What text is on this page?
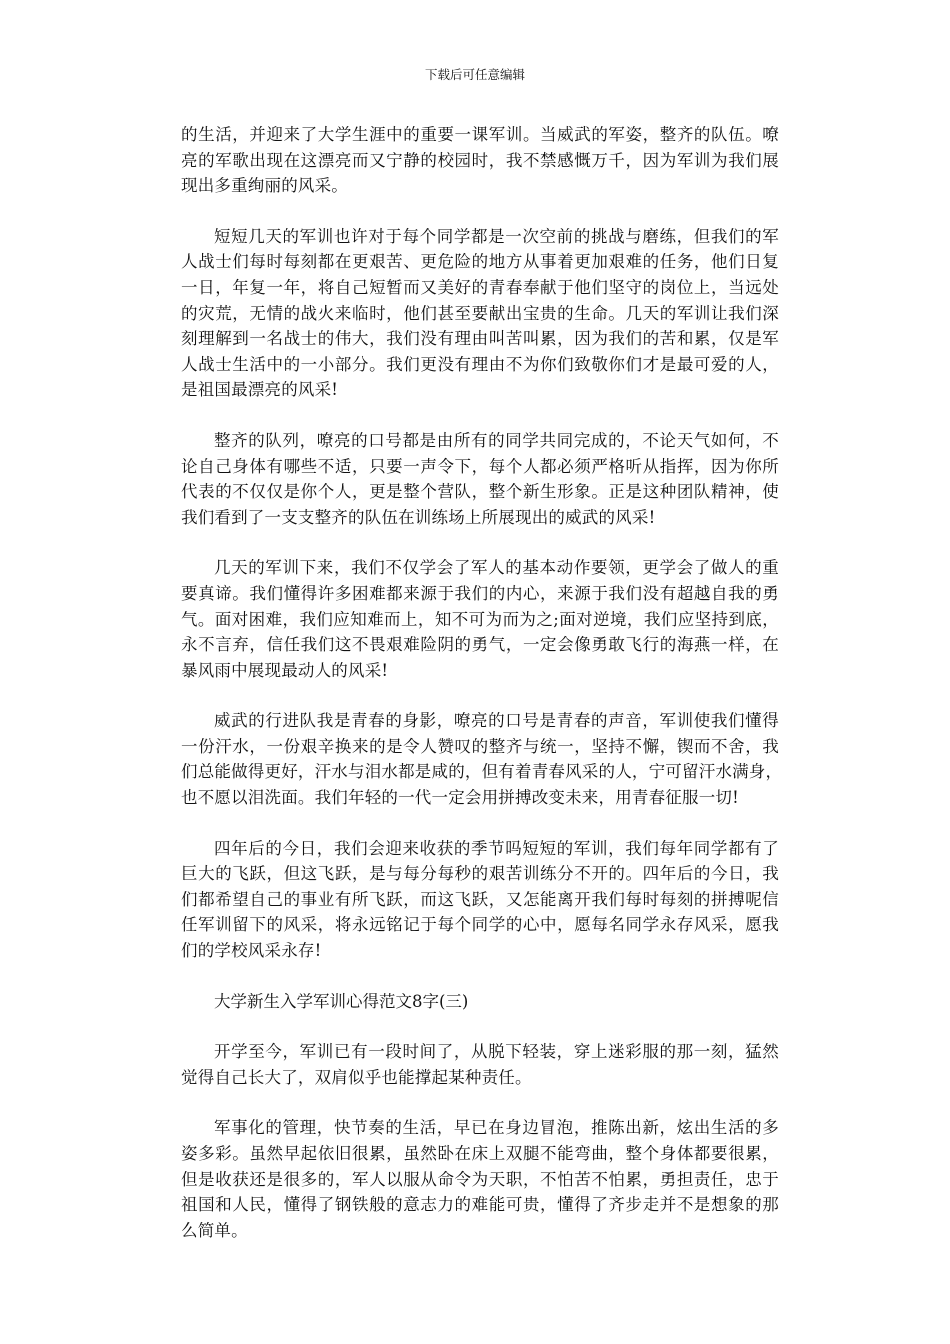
下载后可任意编辑
的生活，并迎来了大学生涯中的重要一课军训。当威武的军姿，整齐的队伍。嘹
亮的军歌出现在这漂亮而又宁静的校园时，我不禁感慨万千，因为军训为我们展
现出多重绚丽的风采。
短短几天的军训也许对于每个同学都是一次空前的挑战与磨练，但我们的军
人战士们每时每刻都在更艰苦、更危险的地方从事着更加艰难的任务，他们日复
一日，年复一年，将自己短暂而又美好的青春奉献于他们坚守的岗位上，当远处
的灾荒，无情的战火来临时，他们甚至要献出宝贵的生命。几天的军训让我们深
刻理解到一名战士的伟大，我们没有理由叫苦叫累，因为我们的苦和累，仅是军
人战士生活中的一小部分。我们更没有理由不为你们致敬你们才是最可爱的人，
是祖国最漂亮的风采!
整齐的队列，嘹亮的口号都是由所有的同学共同完成的，不论天气如何，不
论自己身体有哪些不适，只要一声令下，每个人都必须严格听从指挥，因为你所
代表的不仅仅是你个人，更是整个营队，整个新生形象。正是这种团队精神，使
我们看到了一支支整齐的队伍在训练场上所展现出的威武的风采!
几天的军训下来，我们不仅学会了军人的基本动作要领，更学会了做人的重
要真谛。我们懂得许多困难都来源于我们的内心，来源于我们没有超越自我的勇
气。面对困难，我们应知难而上，知不可为而为之;面对逆境，我们应坚持到底，
永不言弃，信任我们这不畏艰难险阴的勇气，一定会像勇敢飞行的海燕一样，在
暴风雨中展现最动人的风采!
威武的行进队我是青春的身影，嘹亮的口号是青春的声音，军训使我们懂得
一份汗水，一份艰辛换来的是令人赞叹的整齐与统一，坚持不懈，锲而不舍，我
们总能做得更好，汗水与泪水都是咸的，但有着青春风采的人，宁可留汗水满身，
也不愿以泪洗面。我们年轻的一代一定会用拼搏改变未来，用青春征服一切!
四年后的今日，我们会迎来收获的季节吗短短的军训，我们每年同学都有了
巨大的飞跃，但这飞跃，是与每分每秒的艰苦训练分不开的。四年后的今日，我
们都希望自己的事业有所飞跃，而这飞跃，又怎能离开我们每时每刻的拼搏呢信
任军训留下的风采，将永远铭记于每个同学的心中，愿每名同学永存风采，愿我
们的学校风采永存!
大学新生入学军训心得范文8字(三)
开学至今，军训已有一段时间了，从脱下轻装，穿上迷彩服的那一刻，猛然
觉得自己长大了，双肩似乎也能撑起某种责任。
军事化的管理，快节奏的生活，早已在身边冒泡，推陈出新，炫出生活的多
姿多彩。虽然早起依旧很累，虽然卧在床上双腿不能弯曲，整个身体都要很累，
但是收获还是很多的，军人以服从命令为天职，不怕苦不怕累，勇担责任，忠于
祖国和人民，懂得了钢铁般的意志力的难能可贵，懂得了齐步走并不是想象的那
么简单。
